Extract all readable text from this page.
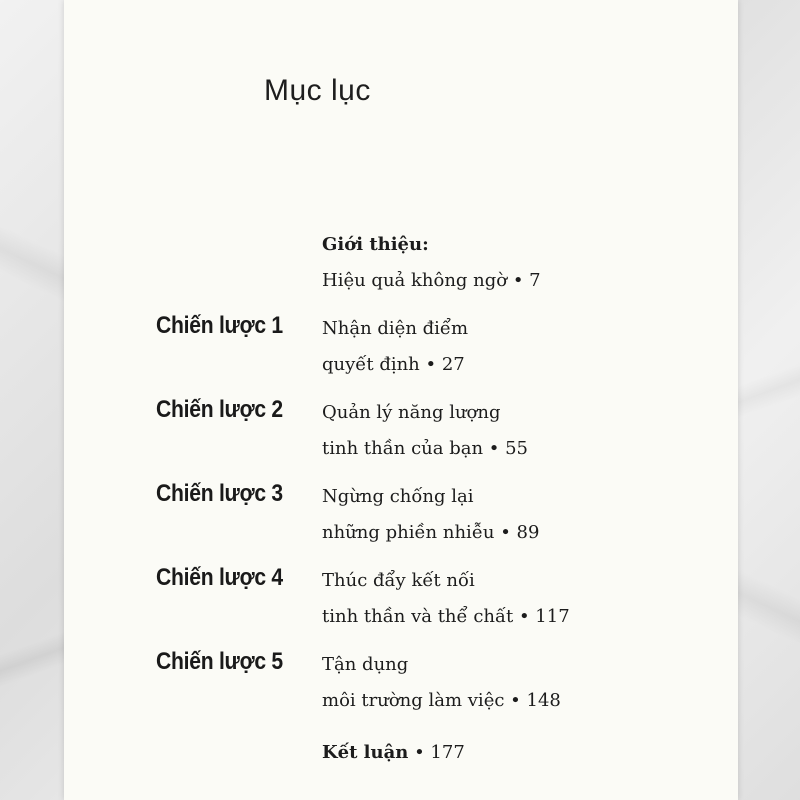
Mục lục
Giới thiệu:
Hiệu quả không ngờ • 7
Chiến lược 1 Nhận diện điểm
quyết định • 27
Chiến lược 2 Quản lý năng lượng
tinh thần của bạn • 55
Chiến lược 3 Ngừng chống lại
những phiền nhiễu • 89
Chiến lược 4 Thúc đẩy kết nối
tinh thần và thể chất • 117
Chiến lược 5 Tận dụng
môi trường làm việc • 148
Kết luận • 177
